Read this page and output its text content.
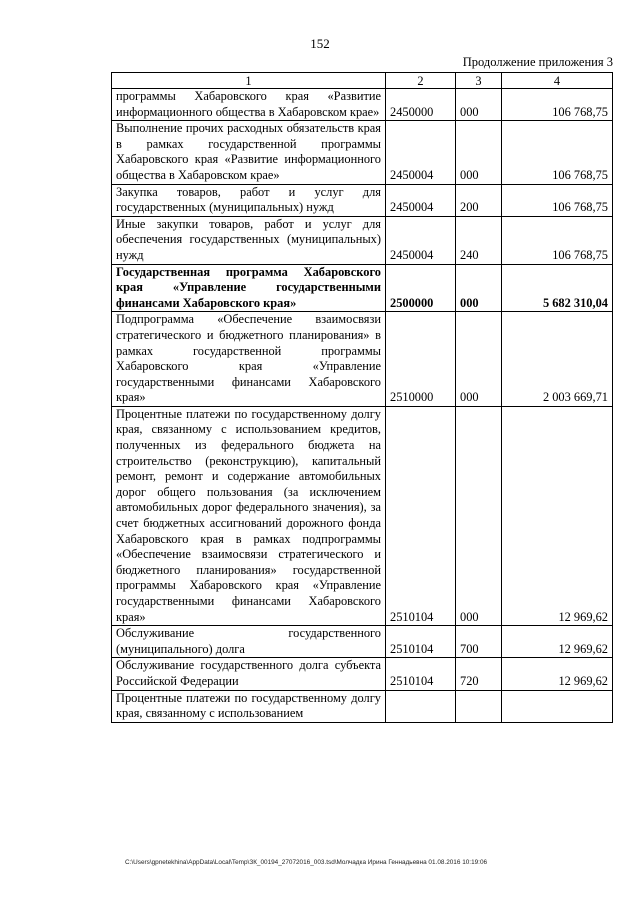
152
Продолжение приложения 3
1	2	3	4
программы Хабаровского края «Развитие информационного общества в Хабаровском крае»	2450000	000	106 768,75
Выполнение прочих расходных обязательств края в рамках государственной программы Хабаровского края «Развитие информационного общества в Хабаровском крае»	2450004	000	106 768,75
Закупка товаров, работ и услуг для государственных (муниципальных) нужд	2450004	200	106 768,75
Иные закупки товаров, работ и услуг для обеспечения государственных (муниципальных) нужд	2450004	240	106 768,75
Государственная программа Хабаровского края «Управление государственными финансами Хабаровского края»	2500000	000	5 682 310,04
Подпрограмма «Обеспечение взаимосвязи стратегического и бюджетного планирования» в рамках государственной программы Хабаровского края «Управление государственными финансами Хабаровского края»	2510000	000	2 003 669,71
Процентные платежи по государственному долгу края, связанному с использованием кредитов, полученных из федерального бюджета на строительство (реконструкцию), капитальный ремонт, ремонт и содержание автомобильных дорог общего пользования (за исключением автомобильных дорог федерального значения), за счет бюджетных ассигнований дорожного фонда Хабаровского края в рамках подпрограммы «Обеспечение взаимосвязи стратегического и бюджетного планирования» государственной программы Хабаровского края «Управление государственными финансами Хабаровского края»	2510104	000	12 969,62
Обслуживание государственного (муниципального) долга	2510104	700	12 969,62
Обслуживание государственного долга субъекта Российской Федерации	2510104	720	12 969,62
Процентные платежи по государственному долгу края, связанному с использованием			
C:\Users\gpnetekhina\AppData\Local\Temp\ЗК_00194_27072016_003.tsd\Молчадка Ирина Геннадьевна 01.08.2016 10:19:06
